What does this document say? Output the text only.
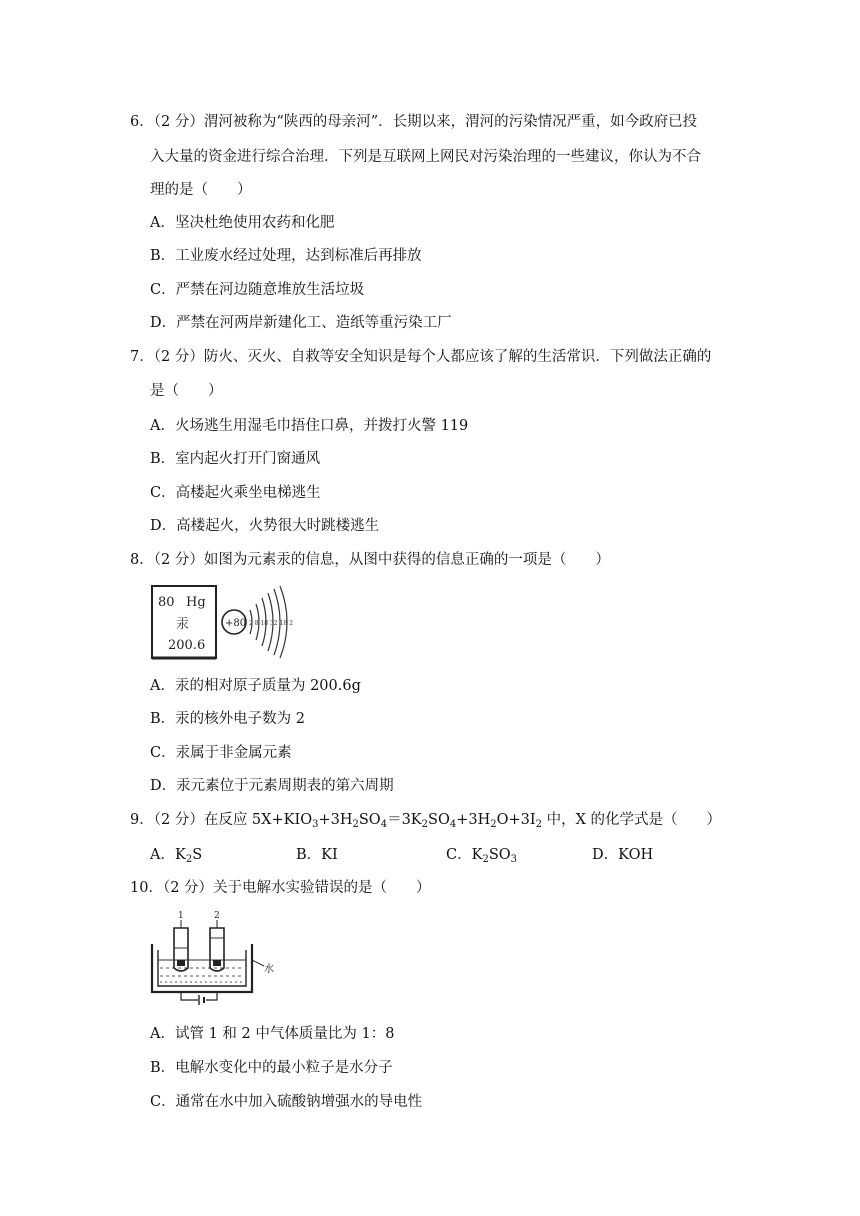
6．（2 分）渭河被称为“陕西的母亲河”．长期以来，渭河的污染情况严重，如今政府已投
入大量的资金进行综合治理．下列是互联网上网民对污染治理的一些建议，你认为不合
理的是（　　）
A．坚决杜绝使用农药和化肥
B．工业废水经过处理，达到标准后再排放
C．严禁在河边随意堆放生活垃圾
D．严禁在河两岸新建化工、造纸等重污染工厂
7．（2 分）防火、灭火、自救等安全知识是每个人都应该了解的生活常识．下列做法正确的
是（　　）
A．火场逃生用湿毛巾捂住口鼻，并拨打火警 119
B．室内起火打开门窗通风
C．高楼起火乘坐电梯逃生
D．高楼起火，火势很大时跳楼逃生
8．（2 分）如图为元素汞的信息，从图中获得的信息正确的一项是（　　）
80 Hg
汞
200.6
+80 2 8 18 32 18 2
A．汞的相对原子质量为 200.6g
B．汞的核外电子数为 2
C．汞属于非金属元素
D．汞元素位于元素周期表的第六周期
9．（2 分）在反应 $5X+KIO_3+3H_2SO_4=3K_2SO_4+3H_2O+3I_2$ 中，X 的化学式是（　　）
A．$K_2S$	B．KI	C．$K_2SO_3$	D．KOH
10．（2 分）关于电解水实验错误的是（　　）
1	2
水
A．试管 1 和 2 中气体质量比为 1：8
B．电解水变化中的最小粒子是水分子
C．通常在水中加入硫酸钠增强水的导电性
